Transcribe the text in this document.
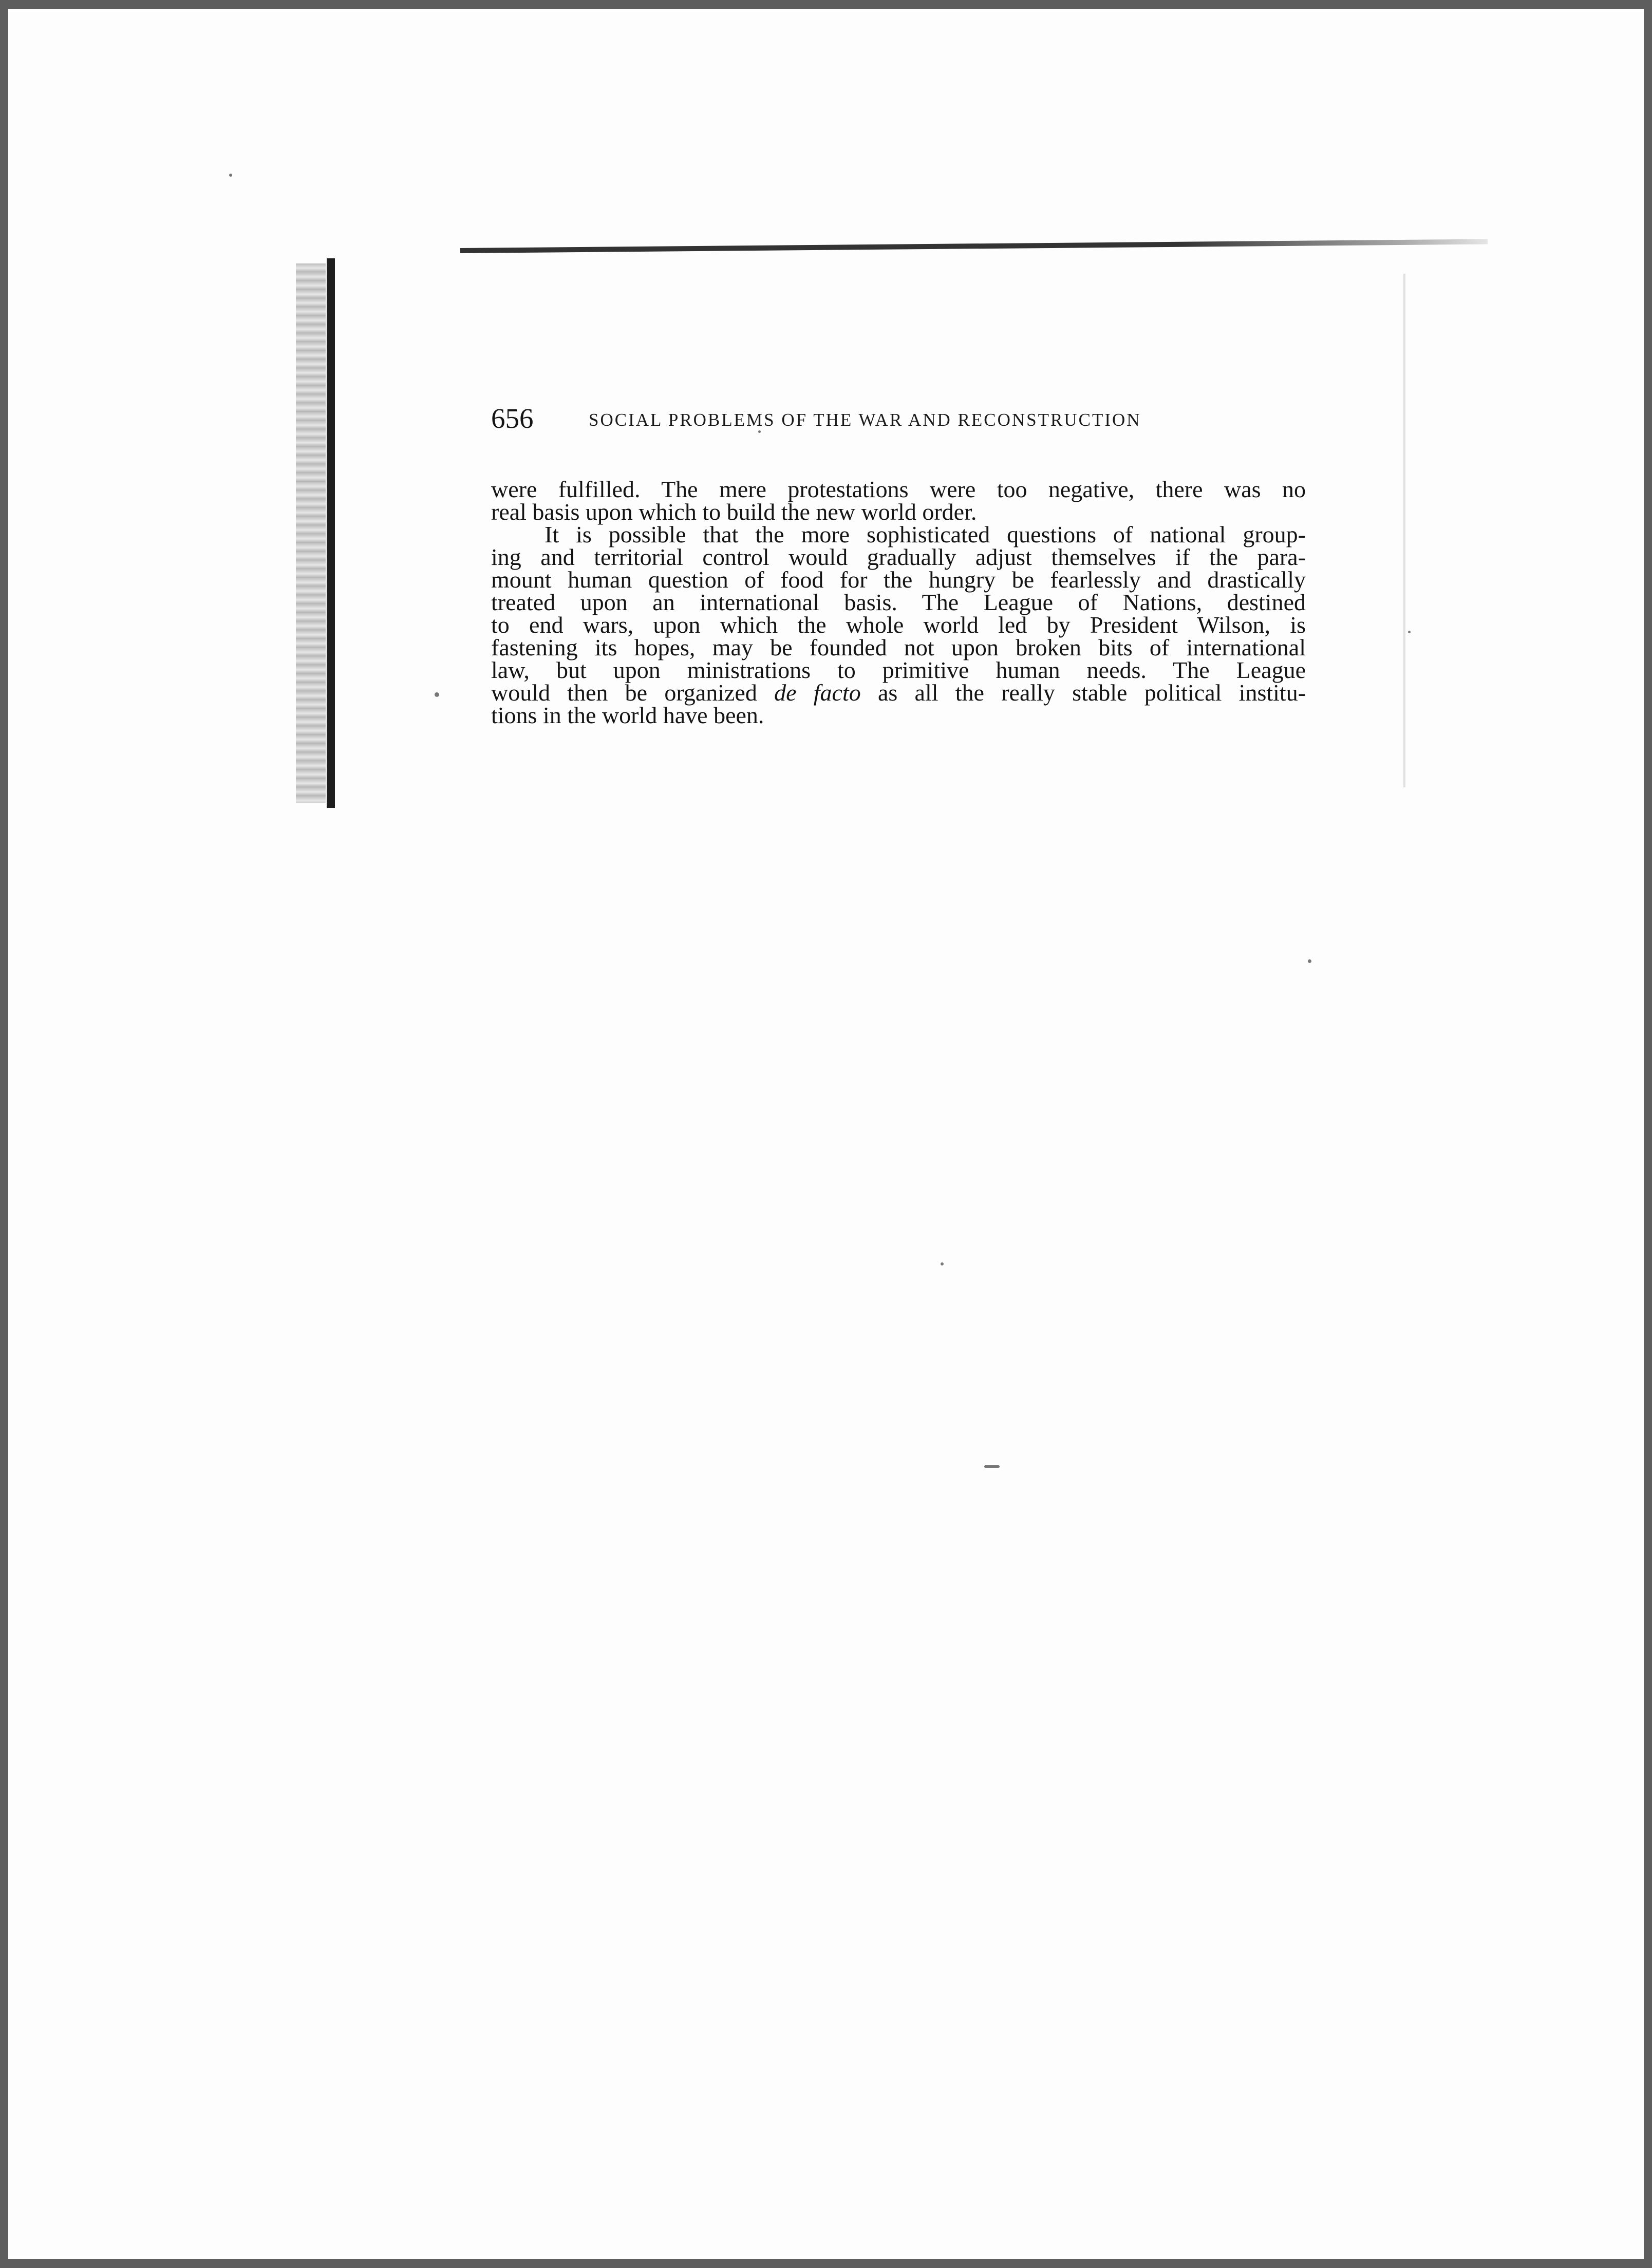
656	SOCIAL PROBLEMS OF THE WAR AND RECONSTRUCTION
were fulfilled. The mere protestations were too negative, there was no
real basis upon which to build the new world order.
It is possible that the more sophisticated questions of national group-
ing and territorial control would gradually adjust themselves if the para-
mount human question of food for the hungry be fearlessly and drastically
treated upon an international basis. The League of Nations, destined
to end wars, upon which the whole world led by President Wilson, is
fastening its hopes, may be founded not upon broken bits of international
law, but upon ministrations to primitive human needs. The League
would then be organized de facto as all the really stable political institu-
tions in the world have been.
